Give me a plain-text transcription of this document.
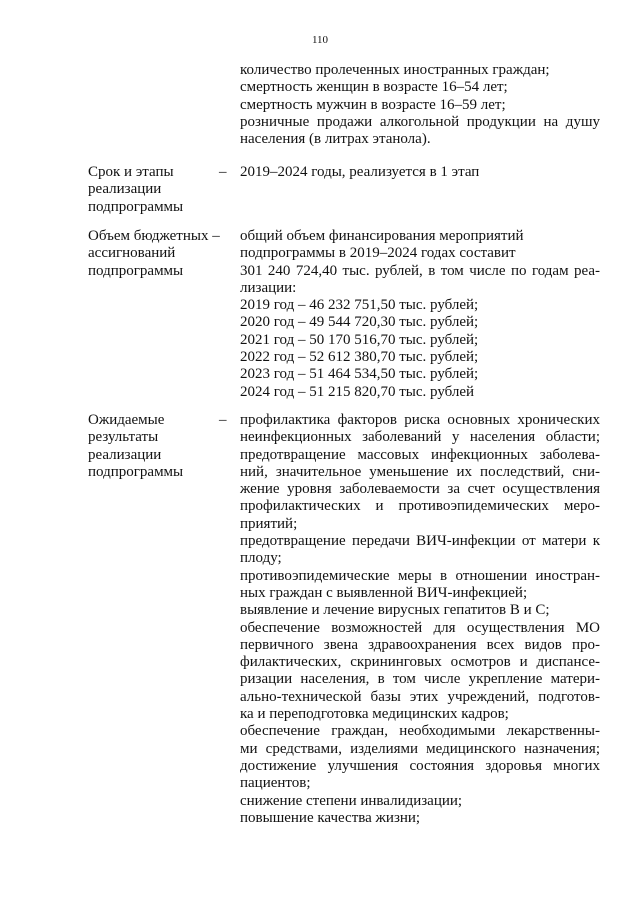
110
количество пролеченных иностранных граждан;
смертность женщин в возрасте 16–54 лет;
смертность мужчин в возрасте 16–59 лет;
розничные продажи алкогольной продукции на душу
населения (в литрах этанола).
Срок и этапы
реализации
подпрограммы
– 2019–2024 годы, реализуется в 1 этап
Объем бюджетных –
ассигнований
подпрограммы
общий объем финансирования мероприятий
подпрограммы в 2019–2024 годах составит
301 240 724,40 тыс. рублей, в том числе по годам реа-
лизации:
2019 год – 46 232 751,50 тыс. рублей;
2020 год – 49 544 720,30 тыс. рублей;
2021 год – 50 170 516,70 тыс. рублей;
2022 год – 52 612 380,70 тыс. рублей;
2023 год – 51 464 534,50 тыс. рублей;
2024 год – 51 215 820,70 тыс. рублей
Ожидаемые
результаты
реализации
подпрограммы
– профилактика факторов риска основных хронических
неинфекционных заболеваний у населения области;
предотвращение массовых инфекционных заболева-
ний, значительное уменьшение их последствий, сни-
жение уровня заболеваемости за счет осуществления
профилактических и противоэпидемических меро-
приятий;
предотвращение передачи ВИЧ-инфекции от матери к
плоду;
противоэпидемические меры в отношении иностран-
ных граждан с выявленной ВИЧ-инфекцией;
выявление и лечение вирусных гепатитов В и С;
обеспечение возможностей для осуществления МО
первичного звена здравоохранения всех видов про-
филактических, скрининговых осмотров и диспансе-
ризации населения, в том числе укрепление матери-
ально-технической базы этих учреждений, подготов-
ка и переподготовка медицинских кадров;
обеспечение граждан, необходимыми лекарственны-
ми средствами, изделиями медицинского назначения;
достижение улучшения состояния здоровья многих
пациентов;
снижение степени инвалидизации;
повышение качества жизни;
